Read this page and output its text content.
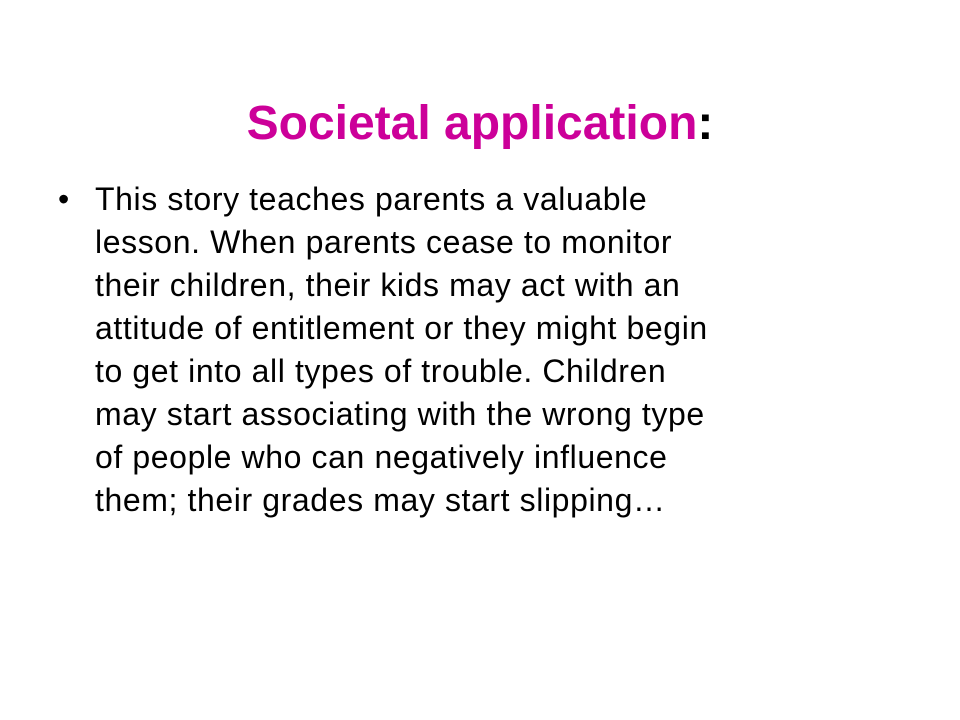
Societal application:
• This story teaches parents a valuable
lesson. When parents cease to monitor
their children, their kids may act with an
attitude of entitlement or they might begin
to get into all types of trouble. Children
may start associating with the wrong type
of people who can negatively influence
them; their grades may start slipping…
